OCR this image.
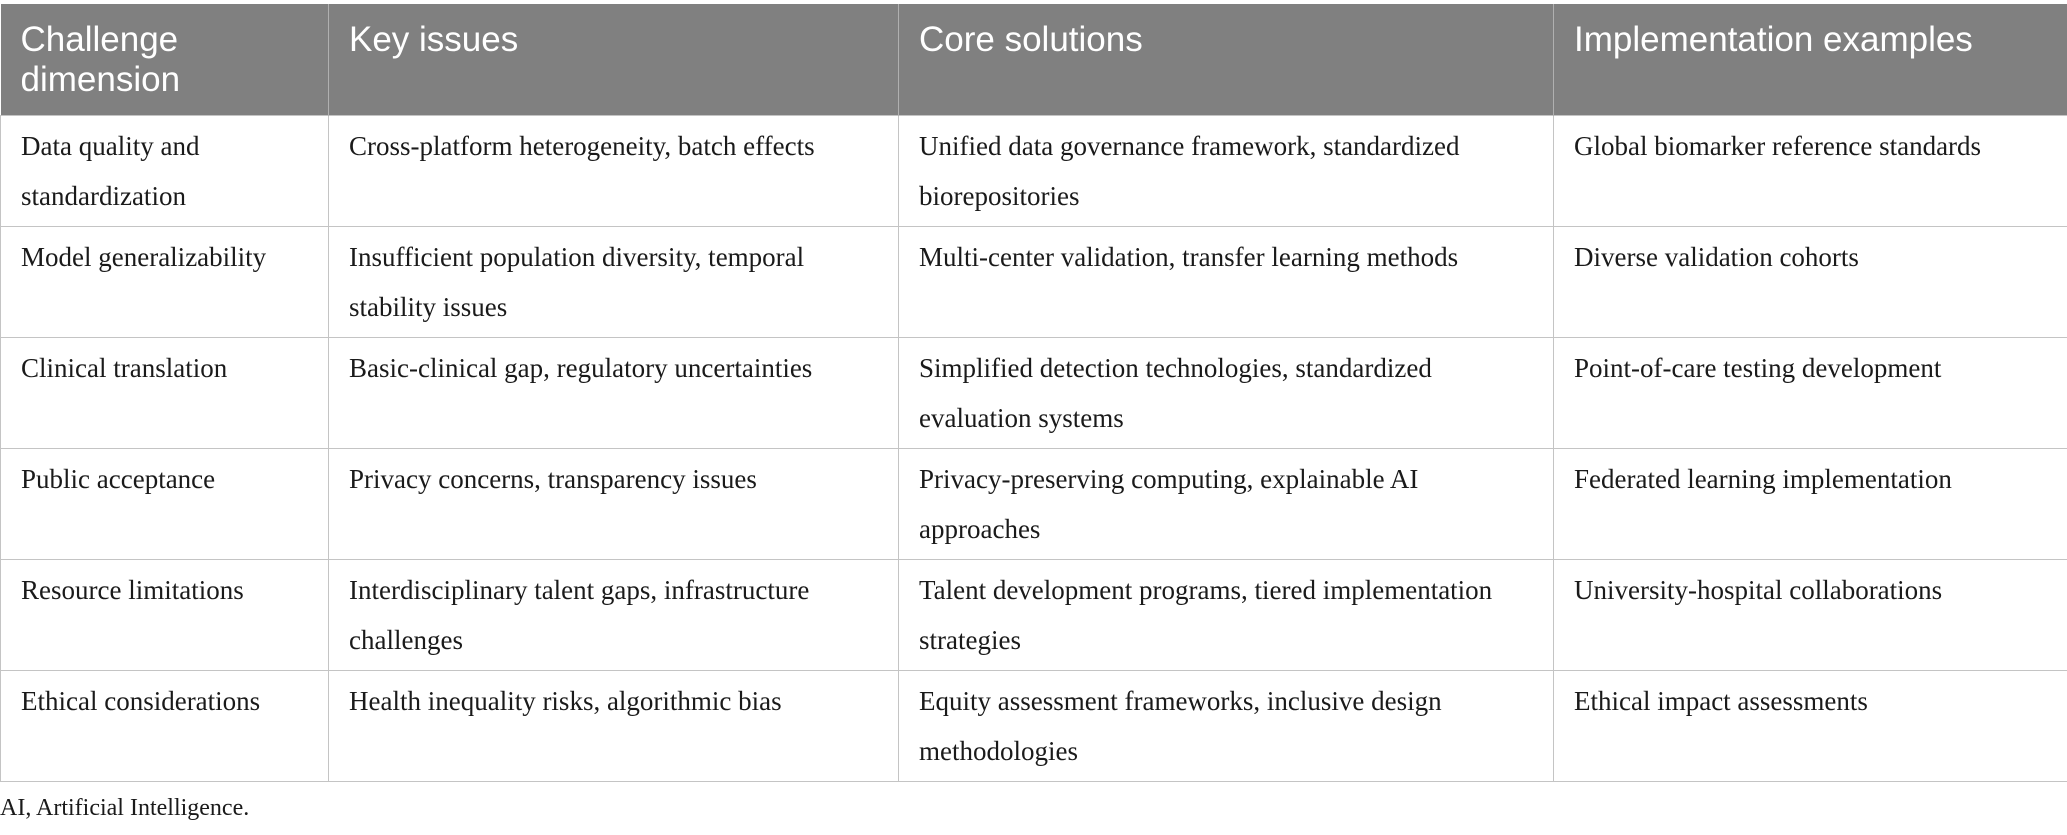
Challenge dimension	Key issues	Core solutions	Implementation examples
Data quality and standardization	Cross-platform heterogeneity, batch effects	Unified data governance framework, standardized biorepositories	Global biomarker reference standards
Model generalizability	Insufficient population diversity, temporal stability issues	Multi-center validation, transfer learning methods	Diverse validation cohorts
Clinical translation	Basic-clinical gap, regulatory uncertainties	Simplified detection technologies, standardized evaluation systems	Point-of-care testing development
Public acceptance	Privacy concerns, transparency issues	Privacy-preserving computing, explainable AI approaches	Federated learning implementation
Resource limitations	Interdisciplinary talent gaps, infrastructure challenges	Talent development programs, tiered implementation strategies	University-hospital collaborations
Ethical considerations	Health inequality risks, algorithmic bias	Equity assessment frameworks, inclusive design methodologies	Ethical impact assessments
AI, Artificial Intelligence.
